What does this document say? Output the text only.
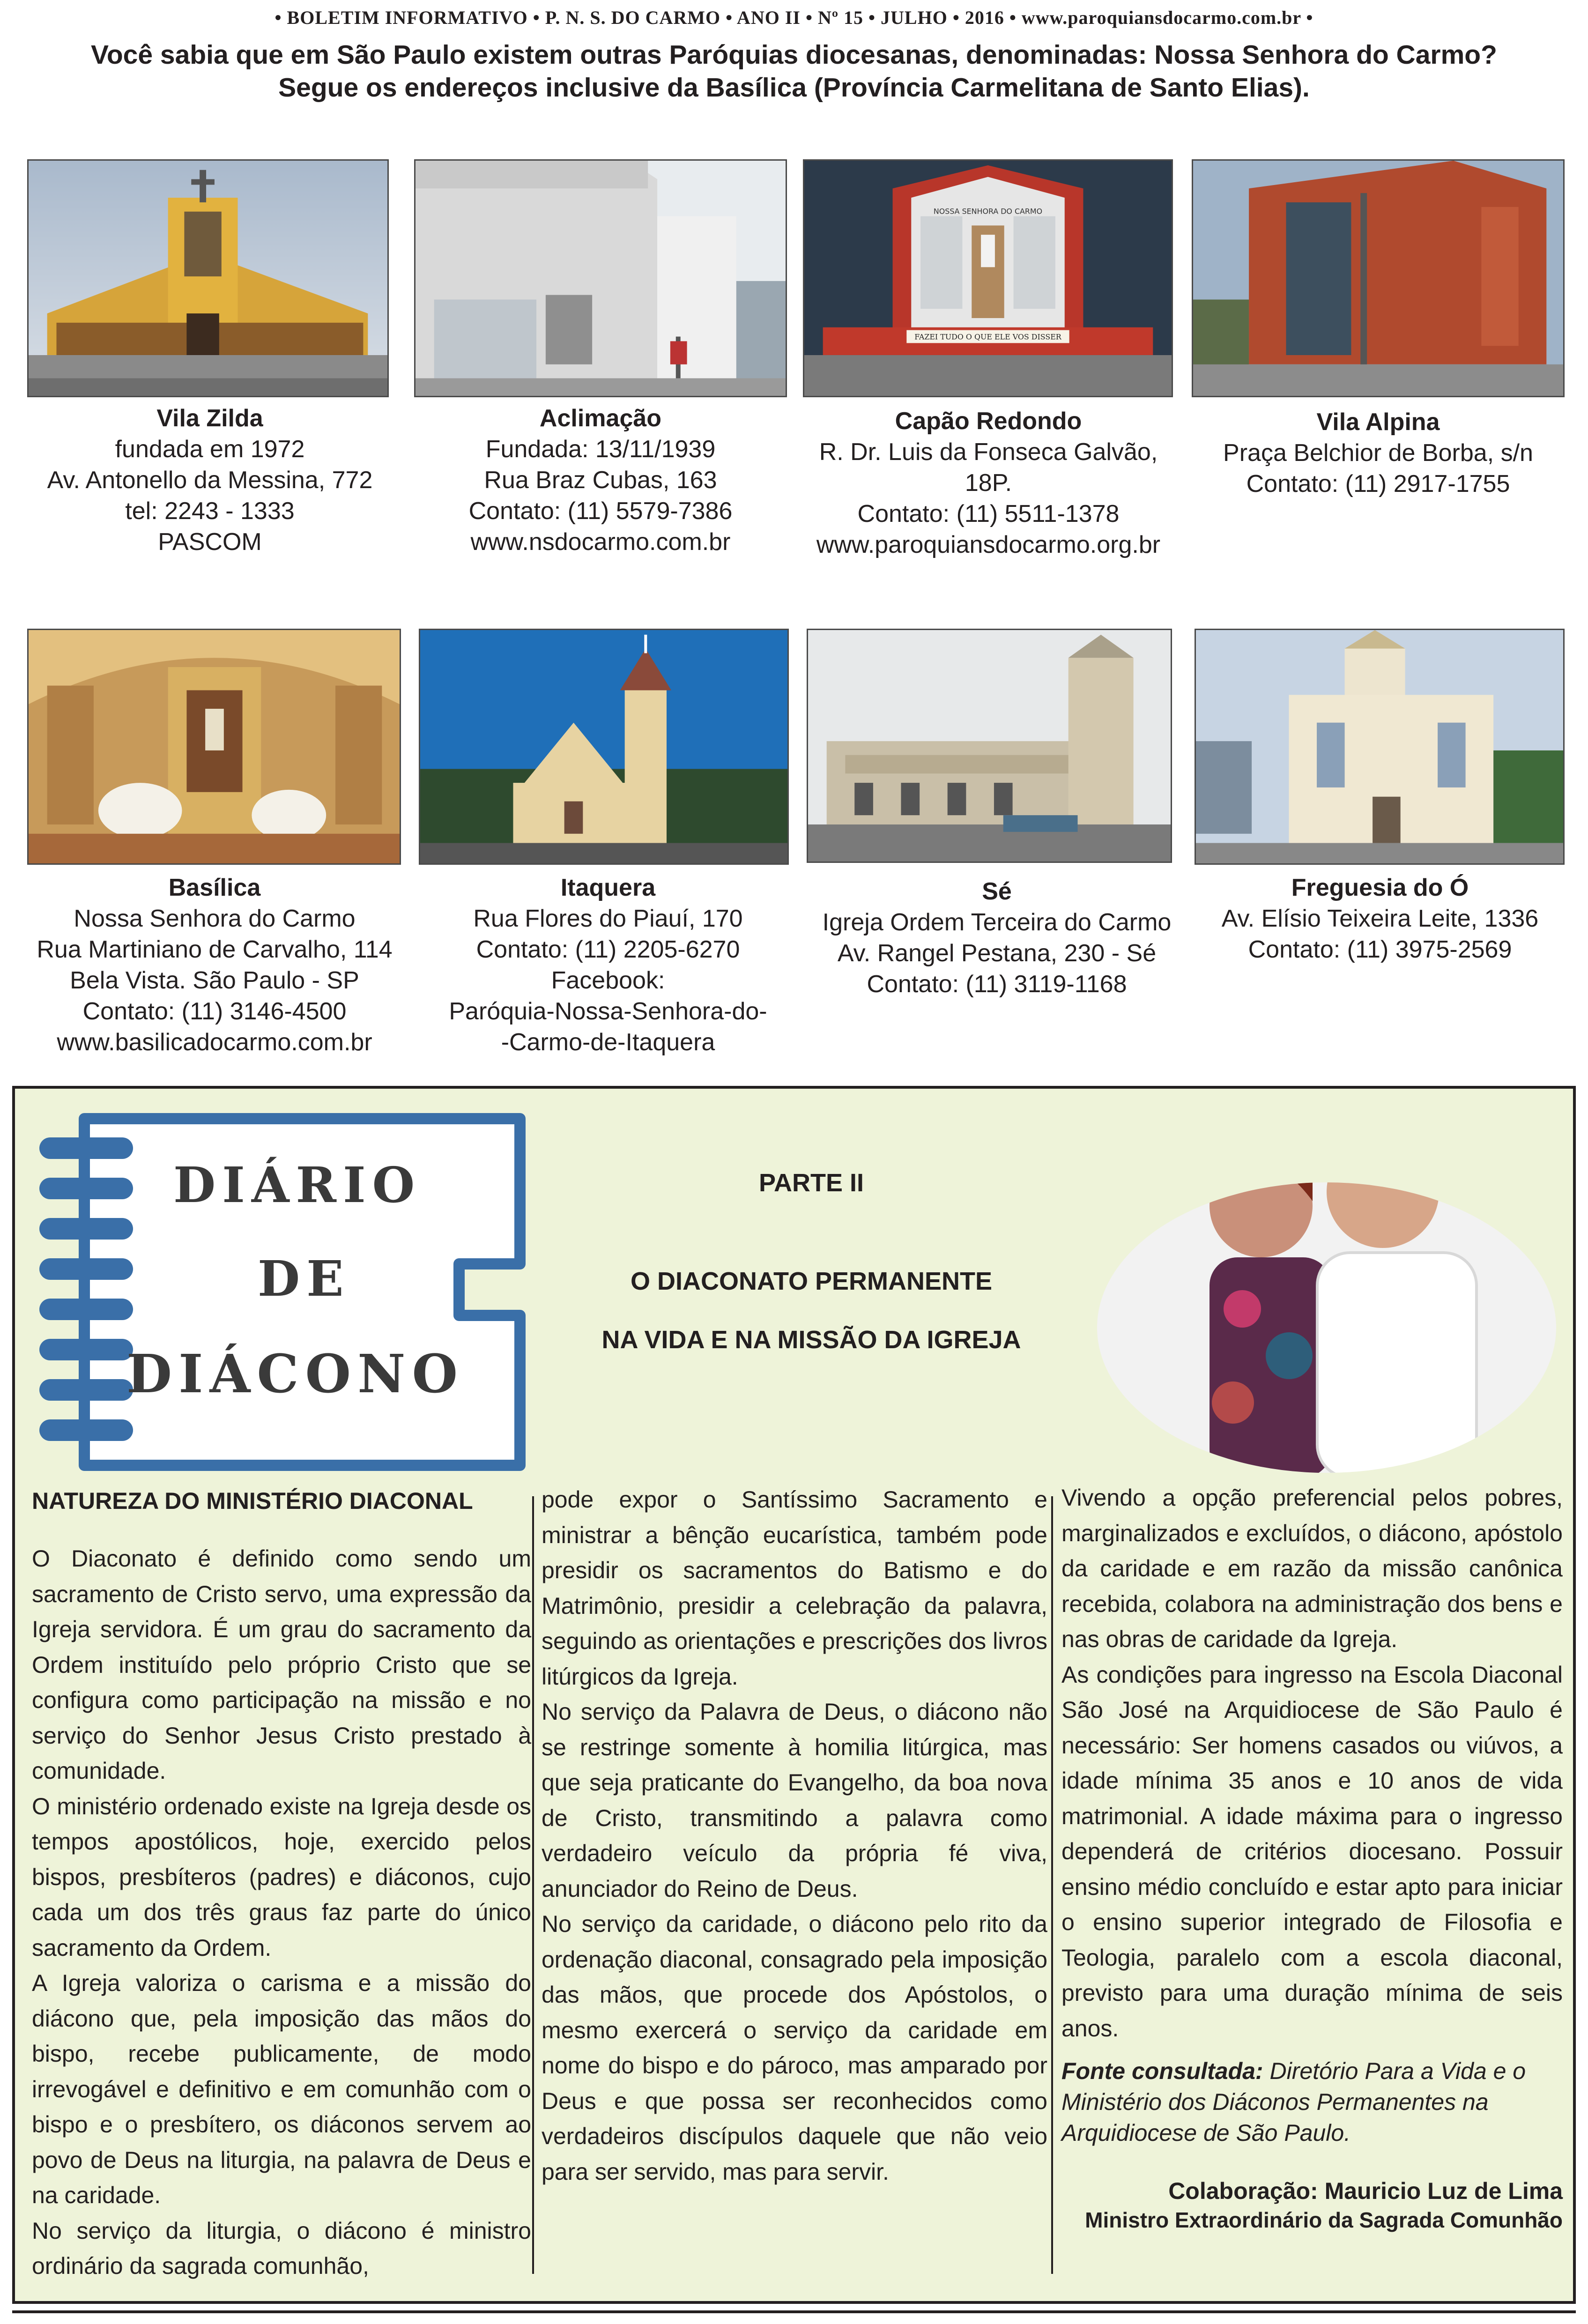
• BOLETIM INFORMATIVO • P. N. S. DO CARMO • ANO II • Nº 15 • JULHO • 2016 • www.paroquiansdocarmo.com.br •
Você sabia que em São Paulo existem outras Paróquias diocesanas, denominadas: Nossa Senhora do Carmo?
Segue os endereços inclusive da Basílica (Província Carmelitana de Santo Elias).
NOSSA SENHORA DO CARMO
FAZEI TUDO O QUE ELE VOS DISSER
Vila Zilda
fundada em 1972
Av. Antonello da Messina, 772
tel: 2243 - 1333
PASCOM
Aclimação
Fundada: 13/11/1939
Rua Braz Cubas, 163
Contato: (11) 5579-7386
www.nsdocarmo.com.br
Capão Redondo
R. Dr. Luis da Fonseca Galvão, 18P.
Contato: (11) 5511-1378
www.paroquiansdocarmo.org.br
Vila Alpina
Praça Belchior de Borba, s/n
Contato: (11) 2917-1755
Basílica
Nossa Senhora do Carmo
Rua Martiniano de Carvalho, 114
Bela Vista. São Paulo - SP
Contato: (11) 3146-4500
www.basilicadocarmo.com.br
Itaquera
Rua Flores do Piauí, 170
Contato: (11) 2205-6270
Facebook:
Paróquia-Nossa-Senhora-do-
-Carmo-de-Itaquera
Sé
Igreja Ordem Terceira do Carmo
Av. Rangel Pestana, 230 - Sé
Contato: (11) 3119-1168
Freguesia do Ó
Av. Elísio Teixeira Leite, 1336
Contato: (11) 3975-2569
DIÁRIO
DE
DIÁCONO
PARTE II
O DIACONATO PERMANENTE
NA VIDA E NA MISSÃO DA IGREJA
NATUREZA DO MINISTÉRIO DIACONAL

O Diaconato é definido como sendo um sacramento de Cristo servo, uma expressão da Igreja servidora. É um grau do sacramento da Ordem instituído pelo próprio Cristo que se configura como participação na missão e no serviço do Senhor Jesus Cristo prestado à comunidade.

O ministério ordenado existe na Igreja desde os tempos apostólicos, hoje, exercido pelos bispos, presbíteros (padres) e diáconos, cujo cada um dos três graus faz parte do único sacramento da Ordem.

A Igreja valoriza o carisma e a missão do diácono que, pela imposição das mãos do bispo, recebe publicamente, de modo irrevogável e definitivo e em comunhão com o bispo e o presbítero, os diáconos servem ao povo de Deus na liturgia, na palavra de Deus e na caridade.

No serviço da liturgia, o diácono é ministro ordinário da sagrada comunhão,

pode expor o Santíssimo Sacramento e ministrar a bênção eucarística, também pode presidir os sacramentos do Batismo e do Matrimônio, presidir a celebração da palavra, seguindo as orientações e prescrições dos livros litúrgicos da Igreja.

No serviço da Palavra de Deus, o diácono não se restringe somente à homilia litúrgica, mas que seja praticante do Evangelho, da boa nova de Cristo, transmitindo a palavra como verdadeiro veículo da própria fé viva, anunciador do Reino de Deus.

No serviço da caridade, o diácono pelo rito da ordenação diaconal, consagrado pela imposição das mãos, que procede dos Apóstolos, o mesmo exercerá o serviço da caridade em nome do bispo e do pároco, mas amparado por Deus e que possa ser reconhecidos como verdadeiros discípulos daquele que não veio para ser servido, mas para servir.

Vivendo a opção preferencial pelos pobres, marginalizados e excluídos, o diácono, apóstolo da caridade e em razão da missão canônica recebida, colabora na administração dos bens e nas obras de caridade da Igreja.

As condições para ingresso na Escola Diaconal São José na Arquidiocese de São Paulo é necessário: Ser homens casados ou viúvos, a idade mínima 35 anos e 10 anos de vida matrimonial. A idade máxima para o ingresso dependerá de critérios diocesano. Possuir ensino médio concluído e estar apto para iniciar o ensino superior integrado de Filosofia e Teologia, paralelo com a escola diaconal, previsto para uma duração mínima de seis anos.

Fonte consultada: Diretório Para a Vida e o Ministério dos Diáconos Permanentes na Arquidiocese de São Paulo.

Colaboração: Mauricio Luz de Lima

Ministro Extraordinário da Sagrada Comunhão
